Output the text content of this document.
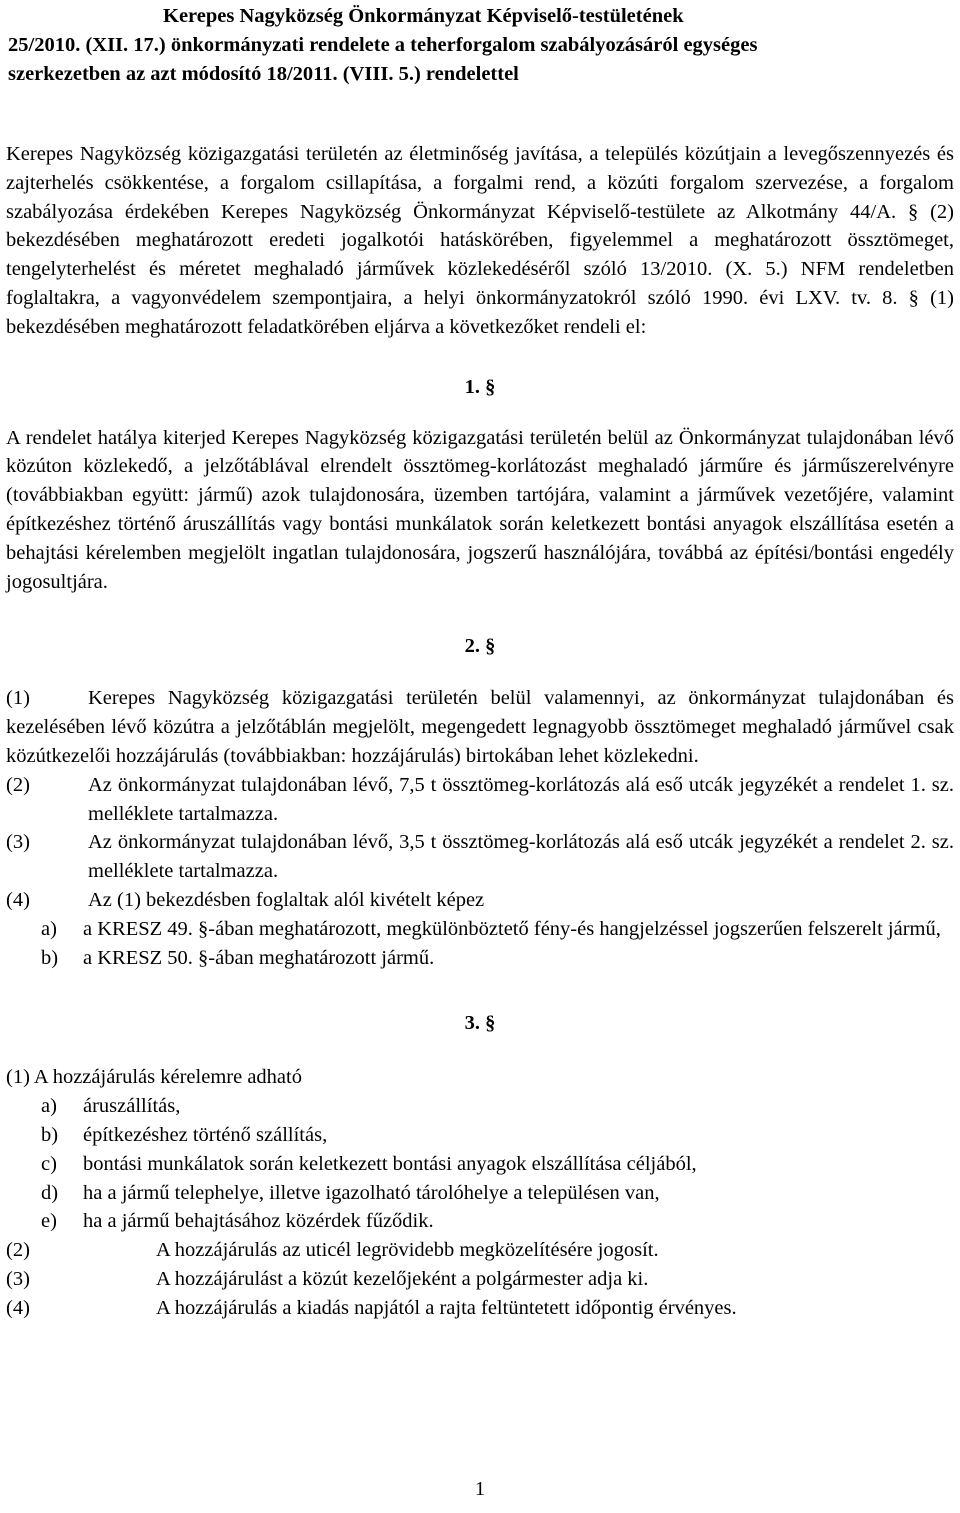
Kerepes Nagyközség Önkormányzat Képviselő-testületének
25/2010. (XII. 17.) önkormányzati rendelete a teherforgalom szabályozásáról egységes
szerkezetben az azt módosító 18/2011. (VIII. 5.) rendelettel

Kerepes Nagyközség közigazgatási területén az életminőség javítása, a település közútjain a levegőszennyezés és zajterhelés csökkentése, a forgalom csillapítása, a forgalmi rend, a közúti forgalom szervezése, a forgalom szabályozása érdekében Kerepes Nagyközség Önkormányzat Képviselő-testülete az Alkotmány 44/A. § (2) bekezdésében meghatározott eredeti jogalkotói hatáskörében, figyelemmel a meghatározott össztömeget, tengelyterhelést és méretet meghaladó járművek közlekedéséről szóló 13/2010. (X. 5.) NFM rendeletben foglaltakra, a vagyonvédelem szempontjaira, a helyi önkormányzatokról szóló 1990. évi LXV. tv. 8. § (1) bekezdésében meghatározott feladatkörében eljárva a következőket rendeli el:

1. §

A rendelet hatálya kiterjed Kerepes Nagyközség közigazgatási területén belül az Önkormányzat tulajdonában lévő közúton közlekedő, a jelzőtáblával elrendelt össztömeg-korlátozást meghaladó járműre és járműszerelvényre (továbbiakban együtt: jármű) azok tulajdonosára, üzemben tartójára, valamint a járművek vezetőjére, valamint építkezéshez történő áruszállítás vagy bontási munkálatok során keletkezett bontási anyagok elszállítása esetén a behajtási kérelemben megjelölt ingatlan tulajdonosára, jogszerű használójára, továbbá az építési/bontási engedély jogosultjára.

2. §

(1)	Kerepes Nagyközség közigazgatási területén belül valamennyi, az önkormányzat tulajdonában és kezelésében lévő közútra a jelzőtáblán megjelölt, megengedett legnagyobb össztömeget meghaladó járművel csak közútkezelői hozzájárulás (továbbiakban: hozzájárulás) birtokában lehet közlekedni.
(2)	Az önkormányzat tulajdonában lévő, 7,5 t össztömeg-korlátozás alá eső utcák jegyzékét a rendelet 1. sz. melléklete tartalmazza.
(3)	Az önkormányzat tulajdonában lévő, 3,5 t össztömeg-korlátozás alá eső utcák jegyzékét a rendelet 2. sz. melléklete tartalmazza.
(4)	Az (1) bekezdésben foglaltak alól kivételt képez
a)	a KRESZ 49. §-ában meghatározott, megkülönböztető fény-és hangjelzéssel jogszerűen felszerelt jármű,
b)	a KRESZ 50. §-ában meghatározott jármű.

3. §

(1) A hozzájárulás kérelemre adható
a)	áruszállítás,
b)	építkezéshez történő szállítás,
c)	bontási munkálatok során keletkezett bontási anyagok elszállítása céljából,
d)	ha a jármű telephelye, illetve igazolható tárolóhelye a településen van,
e)	ha a jármű behajtásához közérdek fűződik.
(2)	A hozzájárulás az uticél legrövidebb megközelítésére jogosít.
(3)	A hozzájárulást a közút kezelőjeként a polgármester adja ki.
(4)	A hozzájárulás a kiadás napjától a rajta feltüntetett időpontig érvényes.
1
